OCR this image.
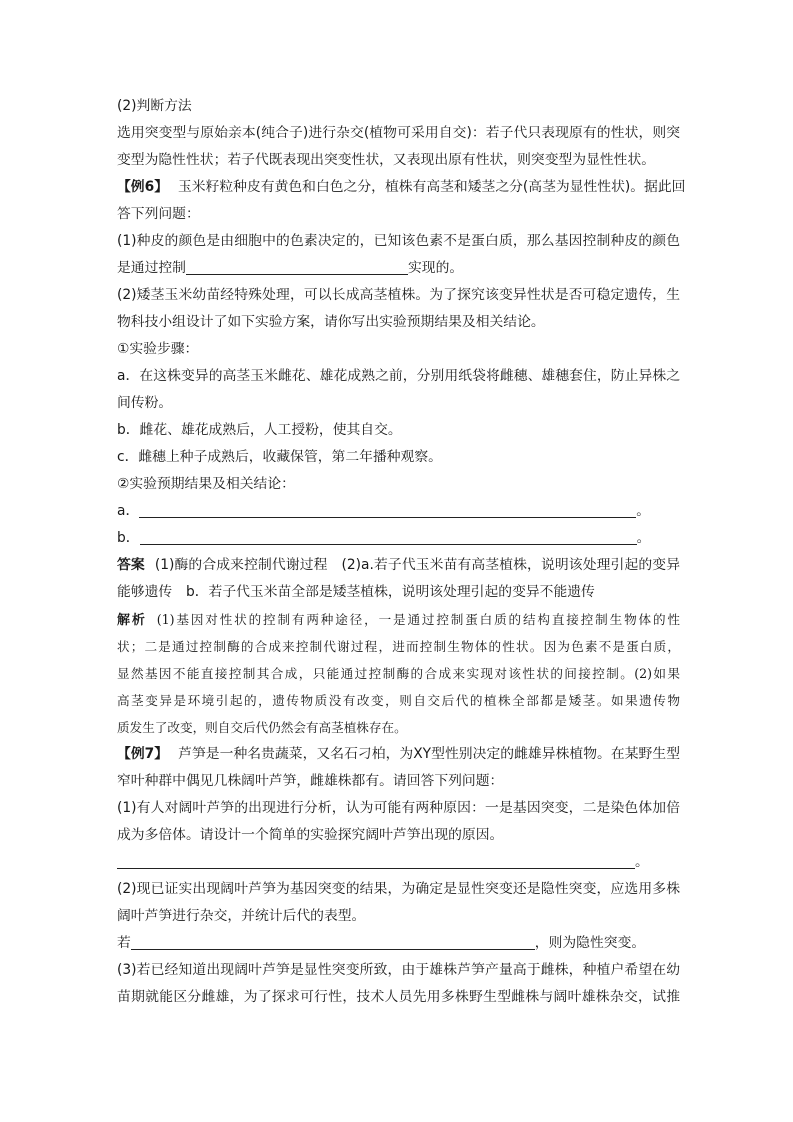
(2)判断方法
选用突变型与原始亲本(纯合子)进行杂交(植物可采用自交)：若子代只表现原有的性状，则突
变型为隐性性状；若子代既表现出突变性状，又表现出原有性状，则突变型为显性性状。
【例6】 玉米籽粒种皮有黄色和白色之分，植株有高茎和矮茎之分(高茎为显性性状)。据此回
答下列问题：
(1)种皮的颜色是由细胞中的色素决定的，已知该色素不是蛋白质，那么基因控制种皮的颜色
是通过控制	实现的。
(2)矮茎玉米幼苗经特殊处理，可以长成高茎植株。为了探究该变异性状是否可稳定遗传，生
物科技小组设计了如下实验方案，请你写出实验预期结果及相关结论。
①实验步骤：
a．在这株变异的高茎玉米雌花、雄花成熟之前，分别用纸袋将雌穗、雄穗套住，防止异株之
间传粉。
b．雌花、雄花成熟后，人工授粉，使其自交。
c．雌穗上种子成熟后，收藏保管，第二年播种观察。
②实验预期结果及相关结论：
a．	。
b．	。
答案 (1)酶的合成来控制代谢过程　(2)a.若子代玉米苗有高茎植株，说明该处理引起的变异
能够遗传　b．若子代玉米苗全部是矮茎植株，说明该处理引起的变异不能遗传
解析 (1)基因对性状的控制有两种途径，一是通过控制蛋白质的结构直接控制生物体的性
状；二是通过控制酶的合成来控制代谢过程，进而控制生物体的性状。因为色素不是蛋白质，
显然基因不能直接控制其合成，只能通过控制酶的合成来实现对该性状的间接控制。(2)如果
高茎变异是环境引起的，遗传物质没有改变，则自交后代的植株全部都是矮茎。如果遗传物
质发生了改变，则自交后代仍然会有高茎植株存在。
【例7】 芦笋是一种名贵蔬菜，又名石刁柏，为XY型性别决定的雌雄异株植物。在某野生型
窄叶种群中偶见几株阔叶芦笋，雌雄株都有。请回答下列问题：
(1)有人对阔叶芦笋的出现进行分析，认为可能有两种原因：一是基因突变，二是染色体加倍
成为多倍体。请设计一个简单的实验探究阔叶芦笋出现的原因。
。
(2)现已证实出现阔叶芦笋为基因突变的结果，为确定是显性突变还是隐性突变，应选用多株
阔叶芦笋进行杂交，并统计后代的表型。
若	，则为隐性突变。
(3)若已经知道出现阔叶芦笋是显性突变所致，由于雄株芦笋产量高于雌株，种植户希望在幼
苗期就能区分雌雄，为了探求可行性，技术人员先用多株野生型雌株与阔叶雄株杂交，试推
